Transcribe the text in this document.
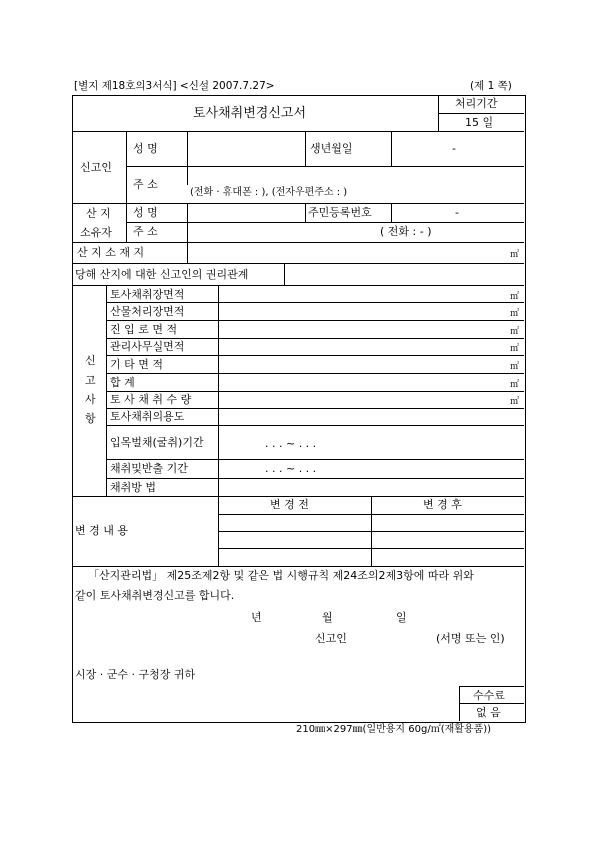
[별지 제18호의3서식] <신설 2007.7.27>	(제 1 쪽)
토사채취변경신고서
처리기간
15 일
신고인
성 명	생년월일	-
주 소
(전화 · 휴대폰 : ), (전자우편주소 : )
산 지
소유자
성 명	주민등록번호	-
주 소	( 전화 : - )
산 지 소 재 지	㎡
당해 산지에 대한 신고인의 권리관계
신
고
사
항
토사채취장면적	㎡
산물처리장면적	㎡
진 입 로 면 적	㎡
관리사무실면적	㎡
기 타 면 적	㎡
합 계	㎡
토 사 채 취 수 량	㎡
토사채취의용도
입목벌채(굴취)기간	. . . ~ . . .
채취및반출 기간	. . . ~ . . .
채취방 법
변 경 내 용
변 경 전	변 경 후
「산지관리법」 제25조제2항 및 같은 법 시행규칙 제24조의2제3항에 따라 위와
같이 토사채취변경신고를 합니다.
년	월	일
신고인	(서명 또는 인)
시장 · 군수 · 구청장 귀하
수수료
없 음
210㎜×297㎜(일반용지 60g/㎡(재활용품))
